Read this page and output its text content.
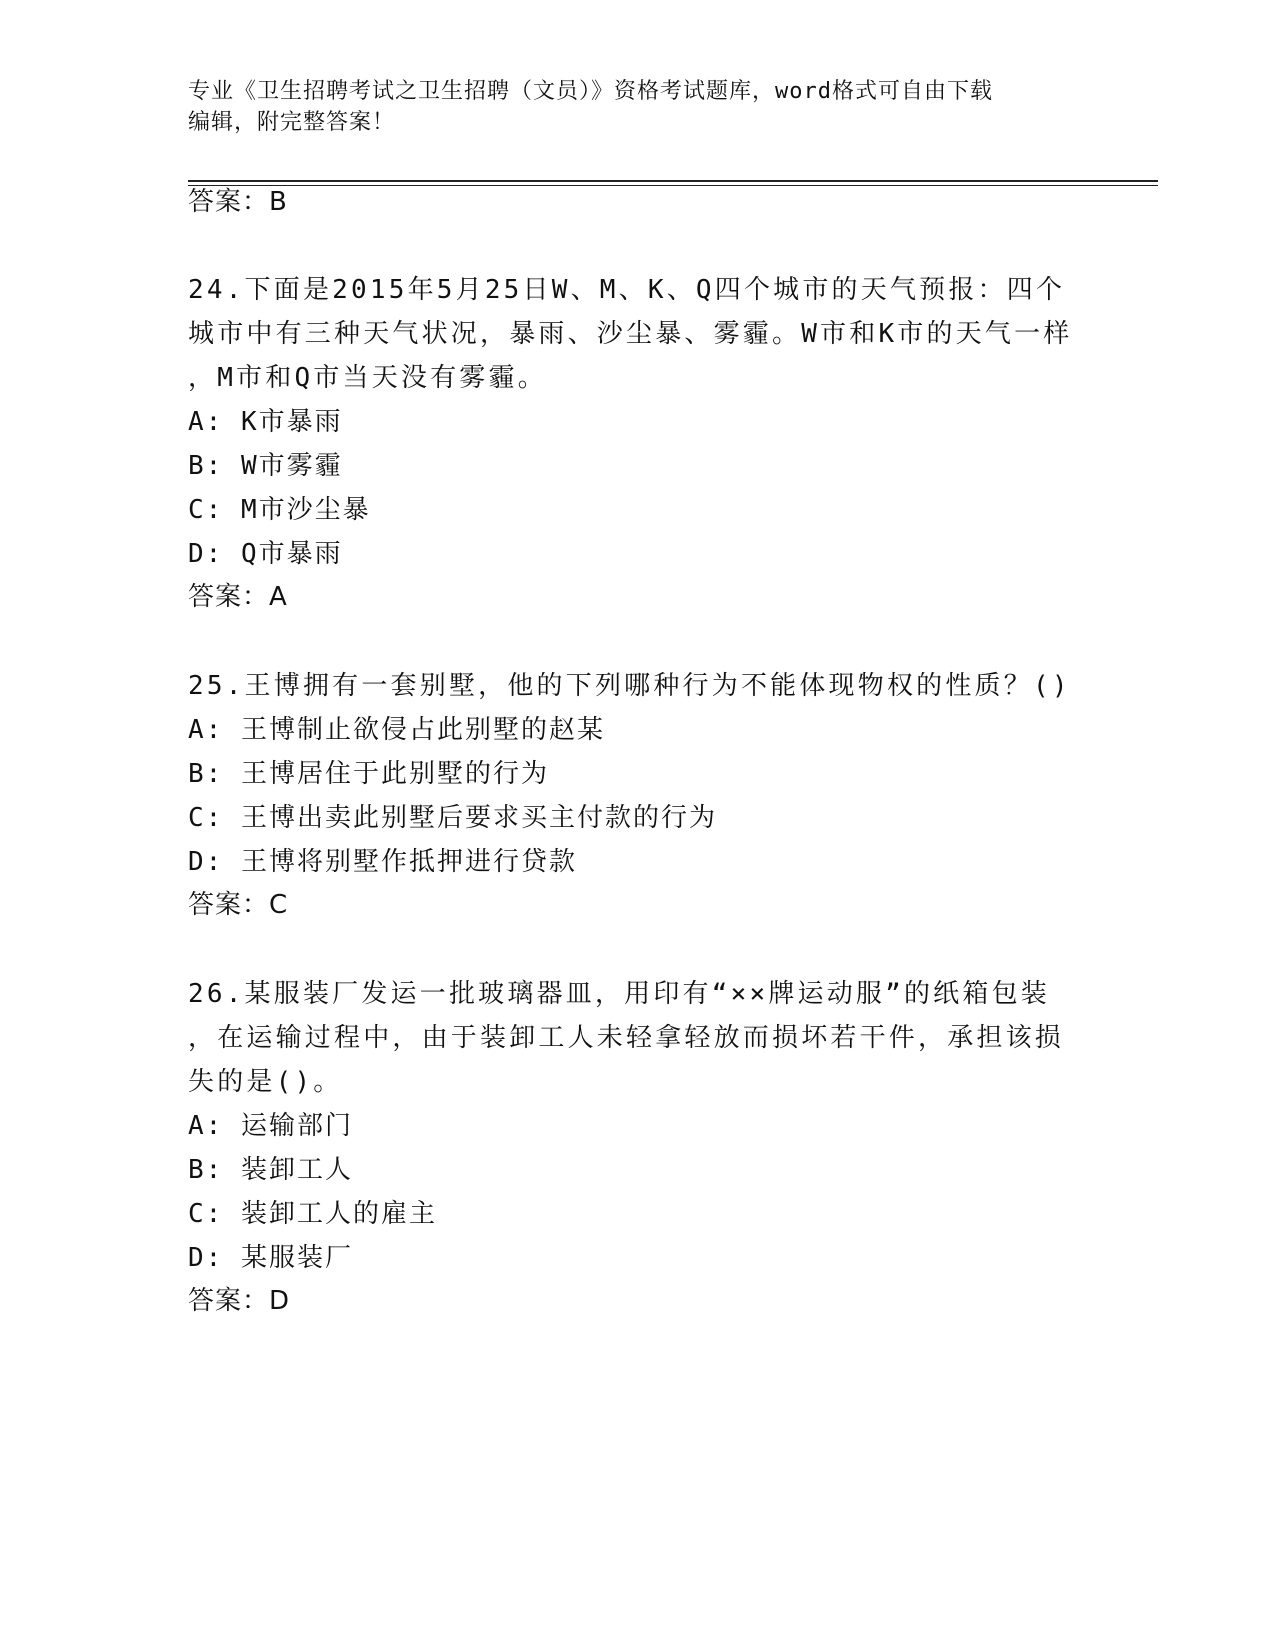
专业《卫生招聘考试之卫生招聘（文员）》资格考试题库，word格式可自由下载
编辑，附完整答案！
答案：B
24.下面是2015年5月25日W、M、K、Q四个城市的天气预报：四个
城市中有三种天气状况，暴雨、沙尘暴、雾霾。W市和K市的天气一样
，M市和Q市当天没有雾霾。
A: K市暴雨
B: W市雾霾
C: M市沙尘暴
D: Q市暴雨
答案：A
25.王博拥有一套别墅，他的下列哪种行为不能体现物权的性质？()
A: 王博制止欲侵占此别墅的赵某
B: 王博居住于此别墅的行为
C: 王博出卖此别墅后要求买主付款的行为
D: 王博将别墅作抵押进行贷款
答案：C
26.某服装厂发运一批玻璃器皿，用印有“××牌运动服”的纸箱包装
，在运输过程中，由于装卸工人未轻拿轻放而损坏若干件，承担该损
失的是()。
A: 运输部门
B: 装卸工人
C: 装卸工人的雇主
D: 某服装厂
答案：D
